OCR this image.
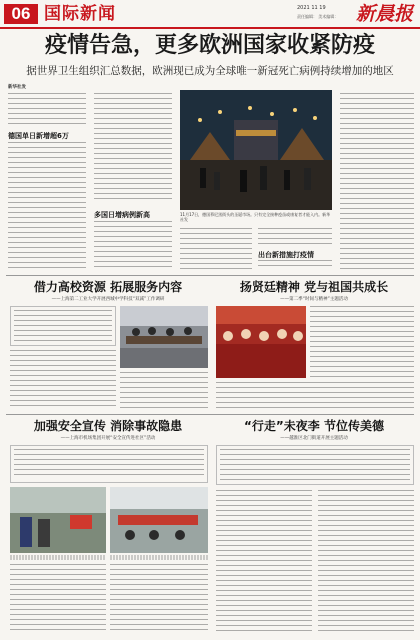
06 国际新闻	2021 11 19
责任编辑： 美术编辑： 新晨报
疫情告急，更多欧洲国家收紧防疫
据世界卫生组织汇总数据，欧洲现已成为全球唯一新冠死亡病例持续增加的地区
新华社发
德国单日新增超6万
多国日增病例新高	11月17日，德国慕尼黑街头的圣诞市场。只有完全接种疫苗或康复者才能入内。新华社发
出台新措施打疫情
借力高校资源 拓展服务内容
——上海第二工业大学开展西城中学科技“双减”工作调研
扬贤廷精神 党与祖国共成长
——第二季“时间与精神”主题活动
加强安全宣传 消除事故隐患
——上海市机场集团开展“安全宣传进社区”活动
“行走”未夜李 节位传美德
——越淮区北门街道开展主题活动
